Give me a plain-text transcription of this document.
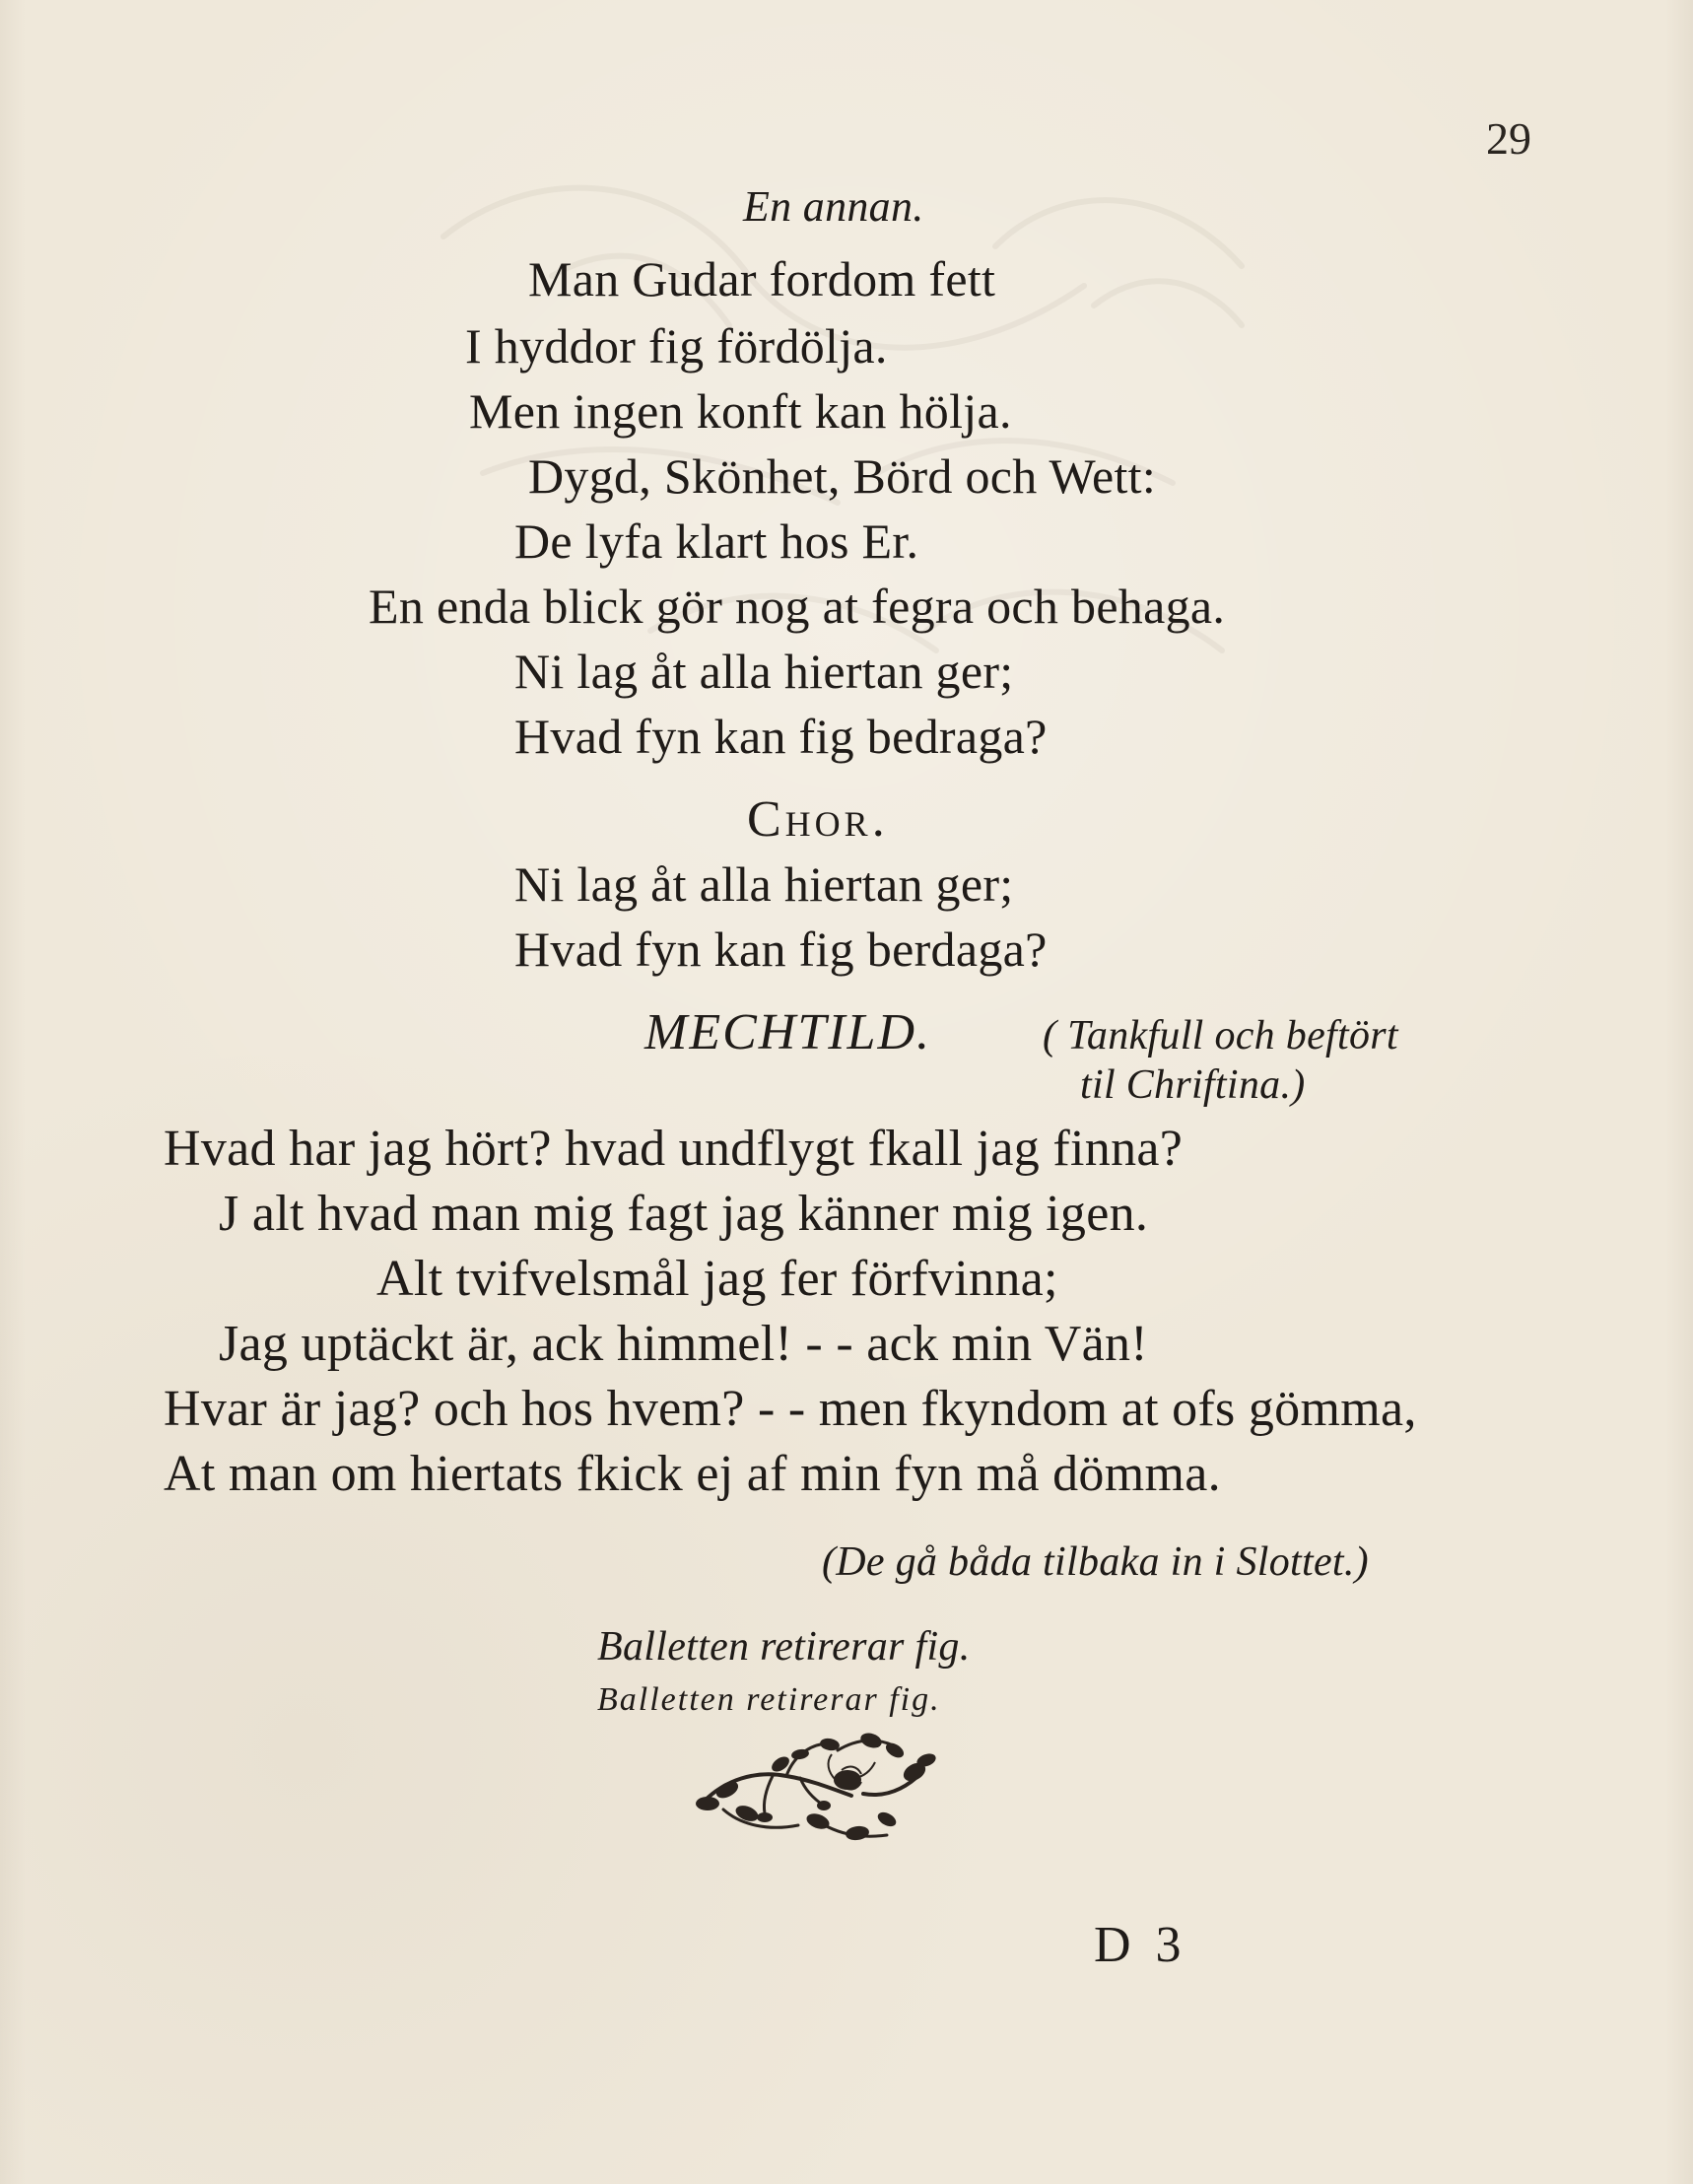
29
En annan.
Man Gudar fordom fett
I hyddor fig fördölja.
Men ingen konft kan hölja.
Dygd, Skönhet, Börd och Wett:
De lyfa klart hos Er.
En enda blick gör nog at fegra och behaga.
Ni lag åt alla hiertan ger;
Hvad fyn kan fig bedraga?
Chor.
Ni lag åt alla hiertan ger;
Hvad fyn kan fig berdaga?
MECHTILD.	( Tankfull och beftört
til Chriftina.)
Hvad har jag hört? hvad undflygt fkall jag finna?
J alt hvad man mig fagt jag känner mig igen.
Alt tvifvelsmål jag fer förfvinna;
Jag uptäckt är, ack himmel! - - ack min Vän!
Hvar är jag? och hos hvem? - - men fkyndom at ofs gömma,
At man om hiertats fkick ej af min fyn må dömma.
(De gå båda tilbaka in i Slottet.)
Balletten retirerar fig.
Balletten retirerar fig.
D 3
